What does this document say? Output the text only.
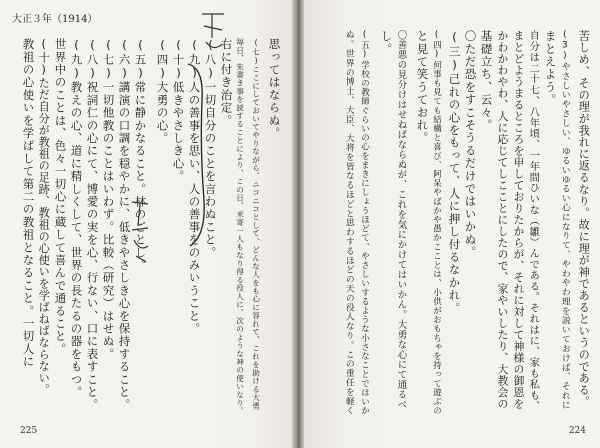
大正３年（1914）
思ってはならぬ。
(七)ここにしておいてやりながら、ニコニコとして、どんな人をも心に容れて、これを助ける大勇
毎日、朱書き事を読することにより、この日、米寄一人もなり得る役人に、次のような神の使いなり。
右に付き治定。
(八)一切自分のことを言わぬこと。
(九)人の善事を思い、人の善事をのみいうこと。
(十)低きやさしき心。
(四)大勇の心。
(五)常に静かなること。林のごとし。
(六)講演の口調を穏やかに、低きやさしき心を保持すること。
(七)一切他教のことはいわず。比較（研究）はせぬ。
(八)祝詞仁の心にて、博愛の実を心、行ない、口に表すこと。
(九)教えの心、道に精しくして、世界の長たるの器をもつ。
世界中のことは、色々一切心に蔵して喜んで通ること。
(十)ただ自分が教祖の足跡、教祖の心使いを学ばねばならない。
教祖の心使いを学ばして第二の教祖となること。一切人に
225
苦しめ、その理が我れに返るなり。故に理が神であるというのである。
(3)やさしいやさしい、ゆるいゆるい心になりて、やわやわ理を説いておけば、それに
まとえよう。
自分は二十七、八年頃、一年間ひいな（雛）んである。それはに、家も私も、
まとどようまるところを申しておりたからが、それに対して神様の御恩を
かわかわやわ、人に応じてしこことにしたので、家やいしたり、大教会の
基礎立ち、云々。
〇ただ恐をすこそうるだけではいかぬ。
(三)己れの心をもって、人に押し付るなかれ。
(四)何事も見ても結構と喜び、阿呆やばかや愚かこことは、小供がおもちゃを持って遊ぶの
と見て笑うておれ。
〇善悪の見分けはせねばならぬが、これを気にかけてはいかん。大勇な心にて通るべ
し。
(五)学校の教師ぐらいの心をまきにしょうほどて、やさしいするような小さなことではいか
ぬ。世界の博士、大臣、大将を皆なるほどと思わするほどの天の役人なり。この重任を軽く
224
